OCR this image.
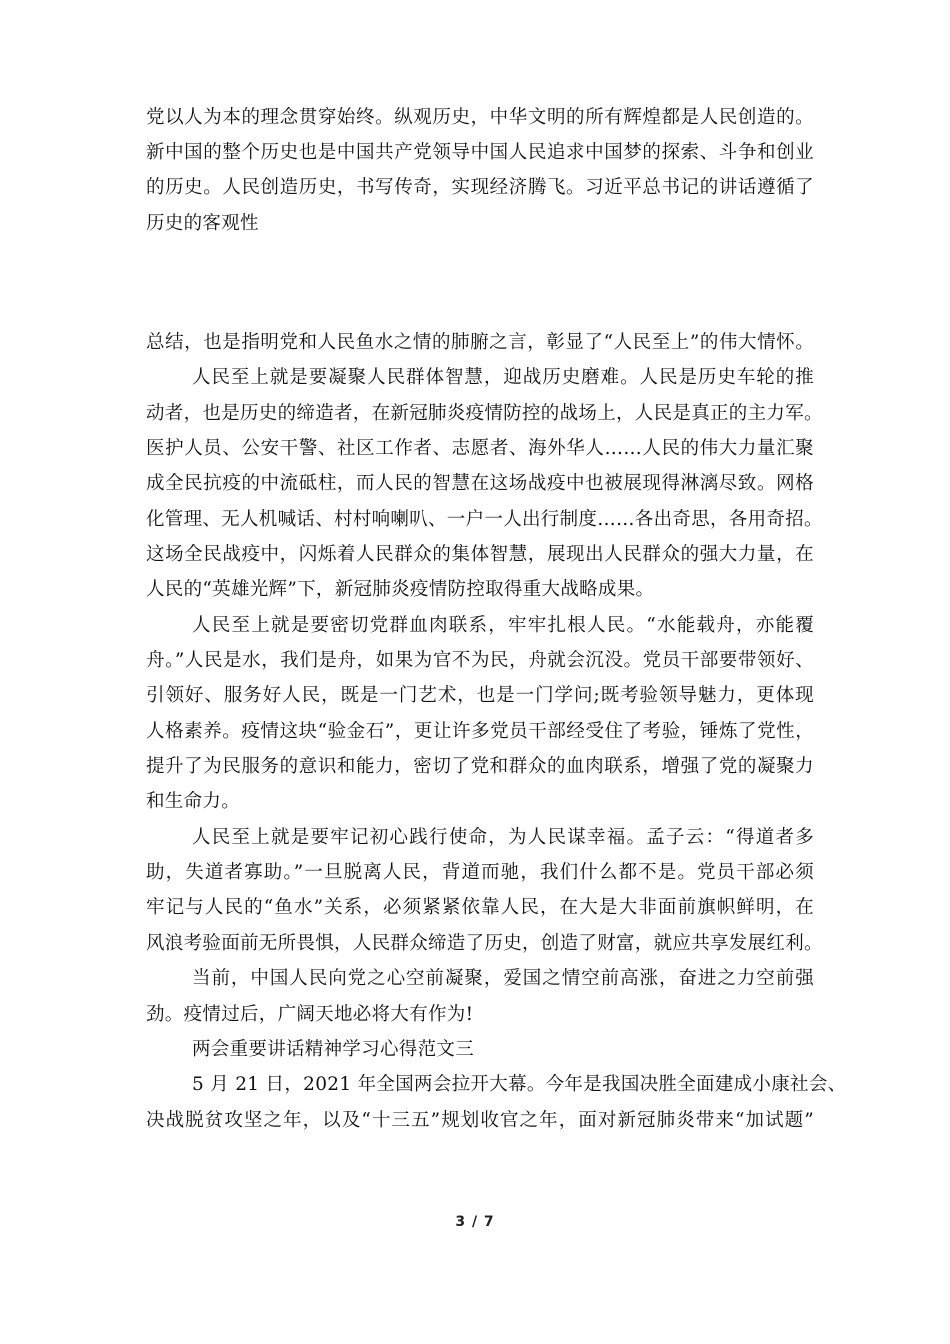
党以人为本的理念贯穿始终。纵观历史，中华文明的所有辉煌都是人民创造的。
新中国的整个历史也是中国共产党领导中国人民追求中国梦的探索、斗争和创业
的历史。人民创造历史，书写传奇，实现经济腾飞。习近平总书记的讲话遵循了
历史的客观性
总结，也是指明党和人民鱼水之情的肺腑之言，彰显了“人民至上”的伟大情怀。
人民至上就是要凝聚人民群体智慧，迎战历史磨难。人民是历史车轮的推
动者，也是历史的缔造者，在新冠肺炎疫情防控的战场上，人民是真正的主力军。
医护人员、公安干警、社区工作者、志愿者、海外华人……人民的伟大力量汇聚
成全民抗疫的中流砥柱，而人民的智慧在这场战疫中也被展现得淋漓尽致。网格
化管理、无人机喊话、村村响喇叭、一户一人出行制度……各出奇思，各用奇招。
这场全民战疫中，闪烁着人民群众的集体智慧，展现出人民群众的强大力量，在
人民的“英雄光辉”下，新冠肺炎疫情防控取得重大战略成果。
人民至上就是要密切党群血肉联系，牢牢扎根人民。“水能载舟，亦能覆
舟。”人民是水，我们是舟，如果为官不为民，舟就会沉没。党员干部要带领好、
引领好、服务好人民，既是一门艺术，也是一门学问;既考验领导魅力，更体现
人格素养。疫情这块“验金石”，更让许多党员干部经受住了考验，锤炼了党性，
提升了为民服务的意识和能力，密切了党和群众的血肉联系，增强了党的凝聚力
和生命力。
人民至上就是要牢记初心践行使命，为人民谋幸福。孟子云：“得道者多
助，失道者寡助。”一旦脱离人民，背道而驰，我们什么都不是。党员干部必须
牢记与人民的“鱼水”关系，必须紧紧依靠人民，在大是大非面前旗帜鲜明，在
风浪考验面前无所畏惧，人民群众缔造了历史，创造了财富，就应共享发展红利。
当前，中国人民向党之心空前凝聚，爱国之情空前高涨，奋进之力空前强
劲。疫情过后，广阔天地必将大有作为!
两会重要讲话精神学习心得范文三
5 月 21 日，2021 年全国两会拉开大幕。今年是我国决胜全面建成小康社会、
决战脱贫攻坚之年，以及“十三五”规划收官之年，面对新冠肺炎带来“加试题”
3 / 7
